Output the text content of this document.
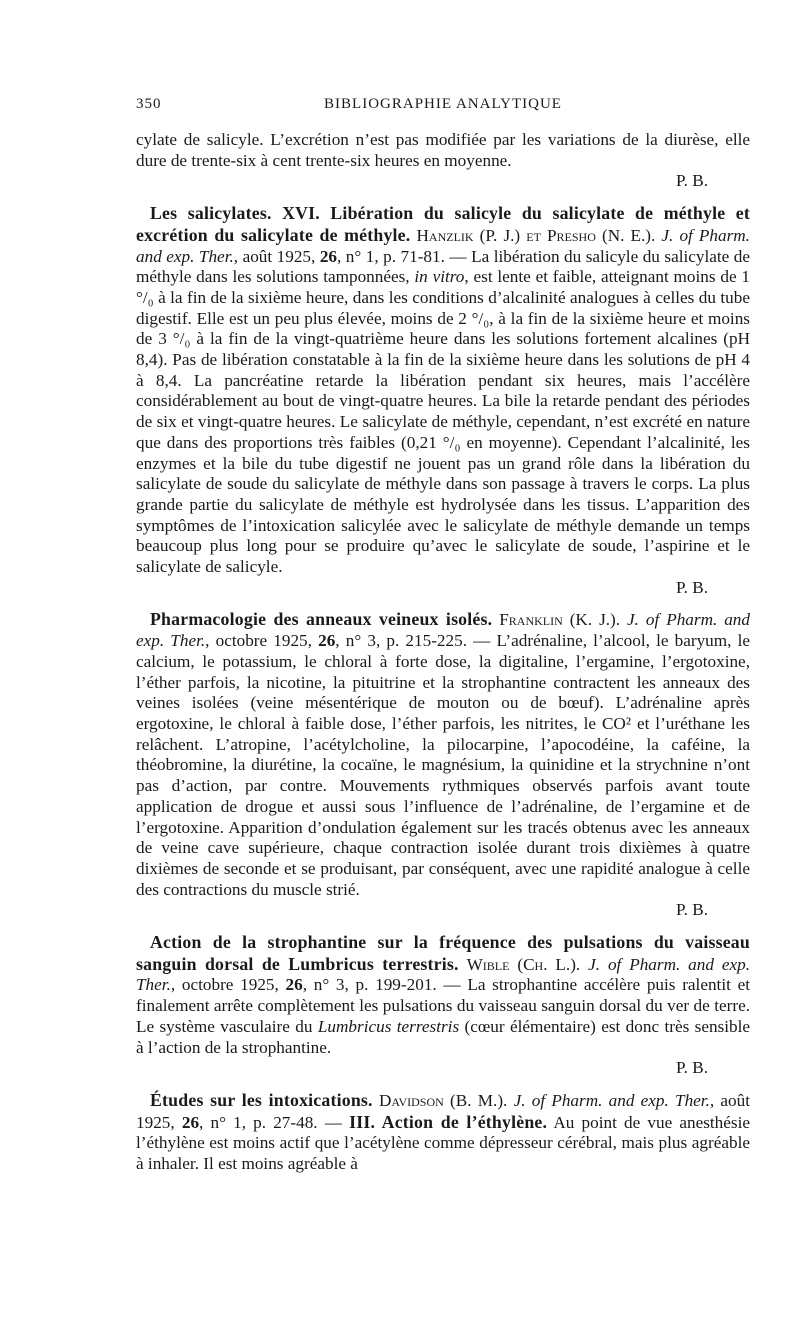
350	BIBLIOGRAPHIE ANALYTIQUE

cylate de salicyle. L’excrétion n’est pas modifiée par les variations de la diurèse, elle dure de trente-six à cent trente-six heures en moyenne.

P. B.

Les salicylates. XVI. Libération du salicyle du salicylate de méthyle et excrétion du salicylate de méthyle. Hanzlik (P. J.) et Presho (N. E.). J. of Pharm. and exp. Ther., août 1925, 26, n° 1, p. 71-81. — La libération du salicyle du salicylate de méthyle dans les solutions tamponnées, in vitro, est lente et faible, atteignant moins de 1 °/₀ à la fin de la sixième heure, dans les conditions d’alcalinité analogues à celles du tube digestif. Elle est un peu plus élevée, moins de 2 °/₀, à la fin de la sixième heure et moins de 3 °/₀ à la fin de la vingt-quatrième heure dans les solutions fortement alcalines (pH 8,4). Pas de libération constatable à la fin de la sixième heure dans les solutions de pH 4 à 8,4. La pancréatine retarde la libération pendant six heures, mais l’accélère considérablement au bout de vingt-quatre heures. La bile la retarde pendant des périodes de six et vingt-quatre heures. Le salicylate de méthyle, cependant, n’est excrété en nature que dans des proportions très faibles (0,21 °/₀ en moyenne). Cependant l’alcalinité, les enzymes et la bile du tube digestif ne jouent pas un grand rôle dans la libération du salicylate de soude du salicylate de méthyle dans son passage à travers le corps. La plus grande partie du salicylate de méthyle est hydrolysée dans les tissus. L’apparition des symptômes de l’intoxication salicylée avec le salicylate de méthyle demande un temps beaucoup plus long pour se produire qu’avec le salicylate de soude, l’aspirine et le salicylate de salicyle.

P. B.

Pharmacologie des anneaux veineux isolés. Franklin (K. J.). J. of Pharm. and exp. Ther., octobre 1925, 26, n° 3, p. 215-225. — L’adrénaline, l’alcool, le baryum, le calcium, le potassium, le chloral à forte dose, la digitaline, l’ergamine, l’ergotoxine, l’éther parfois, la nicotine, la pituitrine et la strophantine contractent les anneaux des veines isolées (veine mésentérique de mouton ou de bœuf). L’adrénaline après ergotoxine, le chloral à faible dose, l’éther parfois, les nitrites, le CO² et l’uréthane les relâchent. L’atropine, l’acétylcholine, la pilocarpine, l’apocodéine, la caféine, la théobromine, la diurétine, la cocaïne, le magnésium, la quinidine et la strychnine n’ont pas d’action, par contre. Mouvements rythmiques observés parfois avant toute application de drogue et aussi sous l’influence de l’adrénaline, de l’ergamine et de l’ergotoxine. Apparition d’ondulation également sur les tracés obtenus avec les anneaux de veine cave supérieure, chaque contraction isolée durant trois dixièmes à quatre dixièmes de seconde et se produisant, par conséquent, avec une rapidité analogue à celle des contractions du muscle strié.

P. B.

Action de la strophantine sur la fréquence des pulsations du vaisseau sanguin dorsal de Lumbricus terrestris. Wible (Ch. L.). J. of Pharm. and exp. Ther., octobre 1925, 26, n° 3, p. 199-201. — La strophantine accélère puis ralentit et finalement arrête complètement les pulsations du vaisseau sanguin dorsal du ver de terre. Le système vasculaire du Lumbricus terrestris (cœur élémentaire) est donc très sensible à l’action de la strophantine.

P. B.

Études sur les intoxications. Davidson (B. M.). J. of Pharm. and exp. Ther., août 1925, 26, n° 1, p. 27-48. — III. Action de l’éthylène. Au point de vue anesthésie l’éthylène est moins actif que l’acétylène comme dépresseur cérébral, mais plus agréable à inhaler. Il est moins agréable à
